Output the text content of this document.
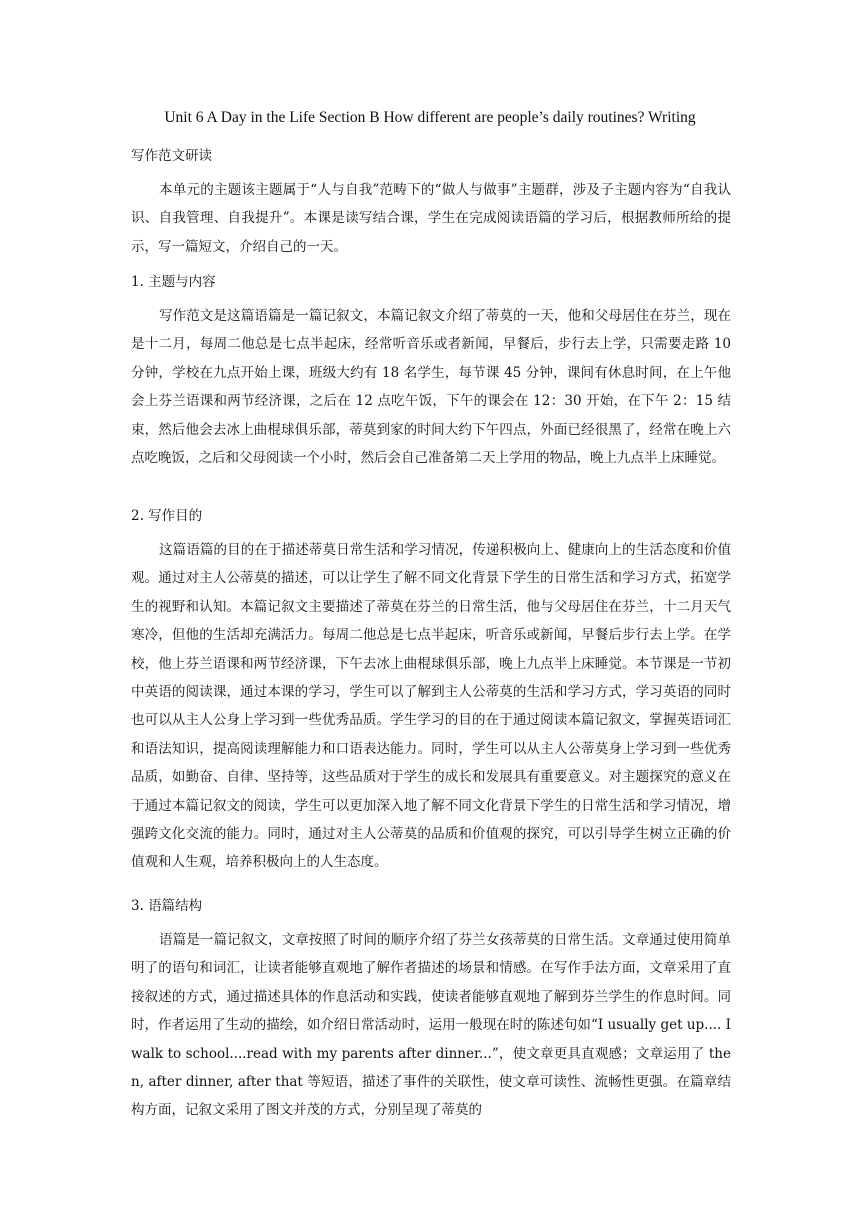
Unit 6 A Day in the Life Section B How different are people’s daily routines? Writing
写作范文研读
本单元的主题该主题属于“人与自我”范畴下的“做人与做事”主题群，涉及子主题内容为“自我认识、自我管理、自我提升”。本课是读写结合课，学生在完成阅读语篇的学习后，根据教师所给的提示，写一篇短文，介绍自己的一天。
1. 主题与内容
写作范文是这篇语篇是一篇记叙文，本篇记叙文介绍了蒂莫的一天，他和父母居住在芬兰，现在是十二月，每周二他总是七点半起床，经常听音乐或者新闻，早餐后，步行去上学，只需要走路 10 分钟，学校在九点开始上课，班级大约有 18 名学生，每节课 45 分钟，课间有休息时间，在上午他会上芬兰语课和两节经济课，之后在 12 点吃午饭，下午的课会在 12：30 开始，在下午 2：15 结束，然后他会去冰上曲棍球俱乐部，蒂莫到家的时间大约下午四点，外面已经很黑了，经常在晚上六点吃晚饭，之后和父母阅读一个小时，然后会自己准备第二天上学用的物品，晚上九点半上床睡觉。
2. 写作目的
这篇语篇的目的在于描述蒂莫日常生活和学习情况，传递积极向上、健康向上的生活态度和价值观。通过对主人公蒂莫的描述，可以让学生了解不同文化背景下学生的日常生活和学习方式，拓宽学生的视野和认知。本篇记叙文主要描述了蒂莫在芬兰的日常生活，他与父母居住在芬兰，十二月天气寒冷，但他的生活却充满活力。每周二他总是七点半起床，听音乐或新闻，早餐后步行去上学。在学校，他上芬兰语课和两节经济课，下午去冰上曲棍球俱乐部，晚上九点半上床睡觉。本节课是一节初中英语的阅读课，通过本课的学习，学生可以了解到主人公蒂莫的生活和学习方式，学习英语的同时也可以从主人公身上学习到一些优秀品质。学生学习的目的在于通过阅读本篇记叙文，掌握英语词汇和语法知识，提高阅读理解能力和口语表达能力。同时，学生可以从主人公蒂莫身上学习到一些优秀品质，如勤奋、自律、坚持等，这些品质对于学生的成长和发展具有重要意义。对主题探究的意义在于通过本篇记叙文的阅读，学生可以更加深入地了解不同文化背景下学生的日常生活和学习情况，增强跨文化交流的能力。同时，通过对主人公蒂莫的品质和价值观的探究，可以引导学生树立正确的价值观和人生观，培养积极向上的人生态度。
3. 语篇结构
语篇是一篇记叙文，文章按照了时间的顺序介绍了芬兰女孩蒂莫的日常生活。文章通过使用简单明了的语句和词汇，让读者能够直观地了解作者描述的场景和情感。在写作手法方面，文章采用了直接叙述的方式，通过描述具体的作息活动和实践，使读者能够直观地了解到芬兰学生的作息时间。同时，作者运用了生动的描绘，如介绍日常活动时，运用一般现在时的陈述句如“I usually get up.... I walk to school....read with my parents after dinner...”，使文章更具直观感；文章运用了 then, after dinner, after that 等短语，描述了事件的关联性，使文章可读性、流畅性更强。在篇章结构方面，记叙文采用了图文并茂的方式，分别呈现了蒂莫的
